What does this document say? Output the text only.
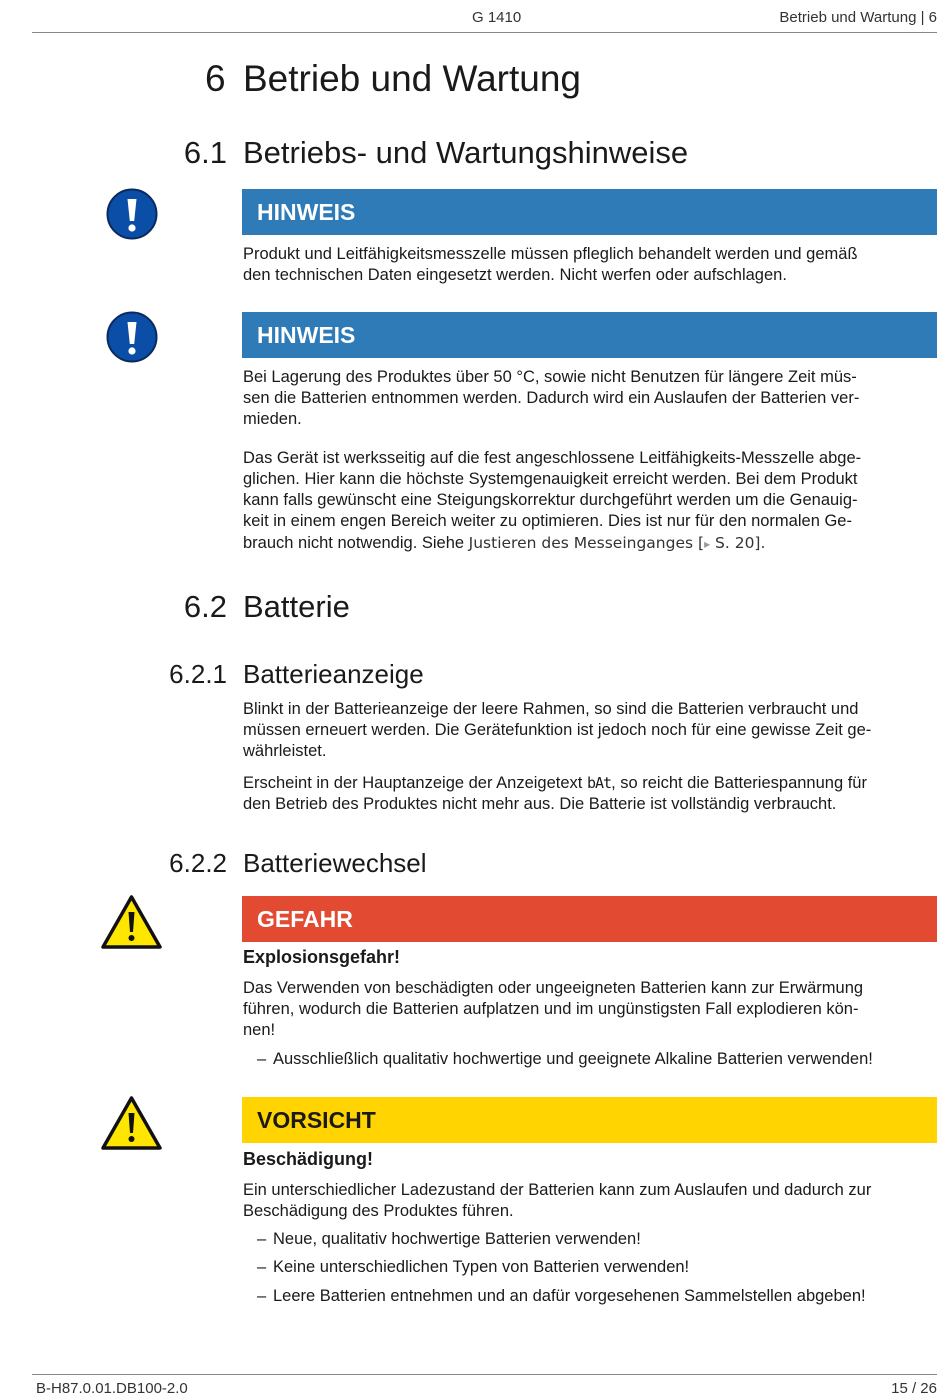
G 1410	Betrieb und Wartung | 6
6 Betrieb und Wartung
6.1 Betriebs- und Wartungshinweise
HINWEIS
Produkt und Leitfähigkeitsmesszelle müssen pfleglich behandelt werden und gemäß
den technischen Daten eingesetzt werden. Nicht werfen oder aufschlagen.
HINWEIS
Bei Lagerung des Produktes über 50 °C, sowie nicht Benutzen für längere Zeit müs-
sen die Batterien entnommen werden. Dadurch wird ein Auslaufen der Batterien ver-
mieden.
Das Gerät ist werksseitig auf die fest angeschlossene Leitfähigkeits-Messzelle abge-
glichen. Hier kann die höchste Systemgenauigkeit erreicht werden. Bei dem Produkt
kann falls gewünscht eine Steigungskorrektur durchgeführt werden um die Genauig-
keit in einem engen Bereich weiter zu optimieren. Dies ist nur für den normalen Ge-
brauch nicht notwendig. Siehe Justieren des Messeinganges [▸ S. 20].
6.2 Batterie
6.2.1 Batterieanzeige
Blinkt in der Batterieanzeige der leere Rahmen, so sind die Batterien verbraucht und
müssen erneuert werden. Die Gerätefunktion ist jedoch noch für eine gewisse Zeit ge-
währleistet.
Erscheint in der Hauptanzeige der Anzeigetext bAt, so reicht die Batteriespannung für
den Betrieb des Produktes nicht mehr aus. Die Batterie ist vollständig verbraucht.
6.2.2 Batteriewechsel
GEFAHR
Explosionsgefahr!
Das Verwenden von beschädigten oder ungeeigneten Batterien kann zur Erwärmung
führen, wodurch die Batterien aufplatzen und im ungünstigsten Fall explodieren kön-
nen!
– Ausschließlich qualitativ hochwertige und geeignete Alkaline Batterien verwenden!
VORSICHT
Beschädigung!
Ein unterschiedlicher Ladezustand der Batterien kann zum Auslaufen und dadurch zur
Beschädigung des Produktes führen.
– Neue, qualitativ hochwertige Batterien verwenden!
– Keine unterschiedlichen Typen von Batterien verwenden!
– Leere Batterien entnehmen und an dafür vorgesehenen Sammelstellen abgeben!
B-H87.0.01.DB100-2.0	15 / 26
